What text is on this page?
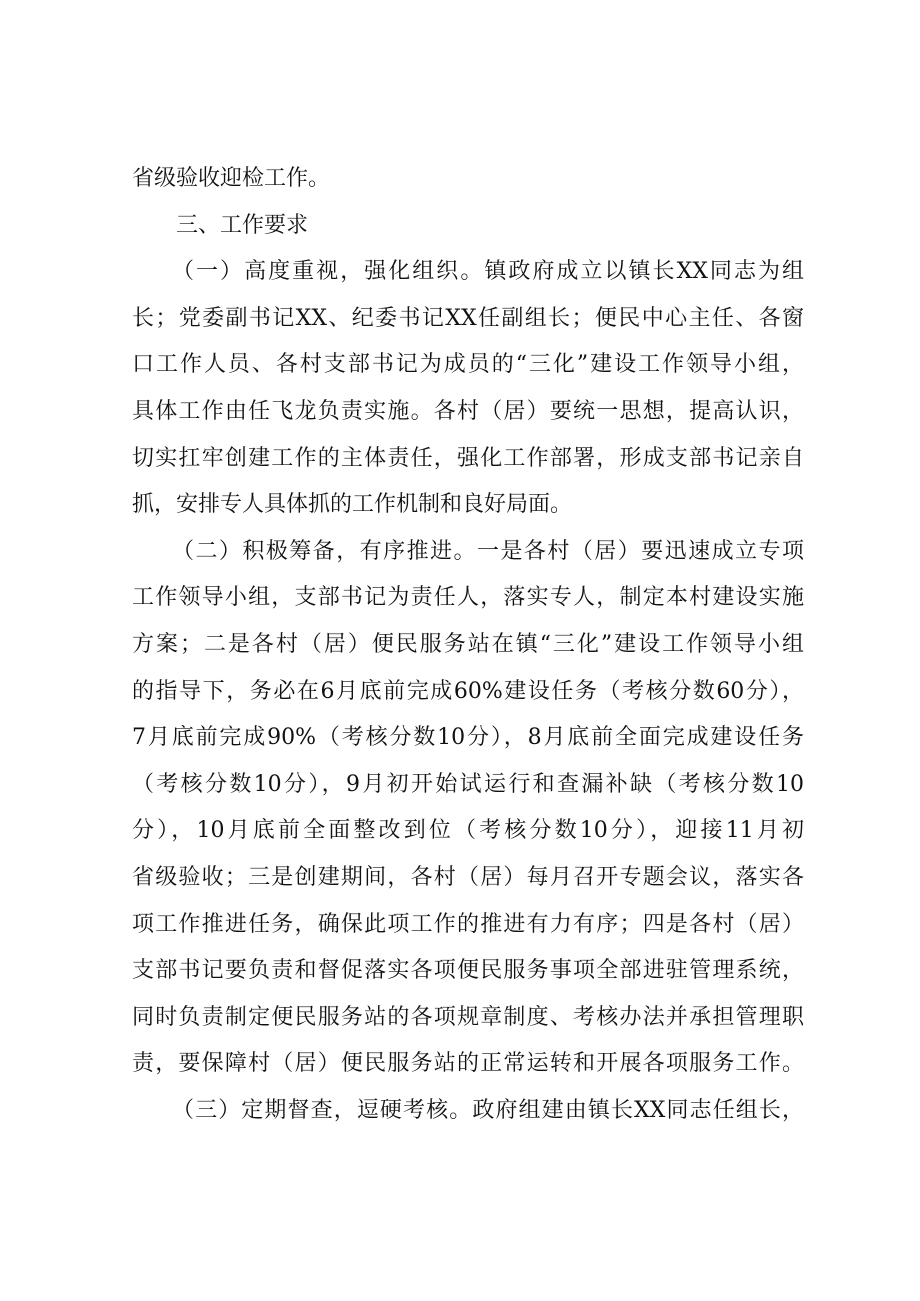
省级验收迎检工作。
三、工作要求
（一）高度重视，强化组织。镇政府成立以镇长XX同志为组
长；党委副书记XX、纪委书记XX任副组长；便民中心主任、各窗
口工作人员、各村支部书记为成员的“三化”建设工作领导小组，
具体工作由任飞龙负责实施。各村（居）要统一思想，提高认识，
切实扛牢创建工作的主体责任，强化工作部署，形成支部书记亲自
抓，安排专人具体抓的工作机制和良好局面。
（二）积极筹备，有序推进。一是各村（居）要迅速成立专项
工作领导小组，支部书记为责任人，落实专人，制定本村建设实施
方案；二是各村（居）便民服务站在镇“三化”建设工作领导小组
的指导下，务必在6月底前完成60%建设任务（考核分数60分），
7月底前完成90%（考核分数10分），8月底前全面完成建设任务
（考核分数10分），9月初开始试运行和查漏补缺（考核分数10
分），10月底前全面整改到位（考核分数10分），迎接11月初
省级验收；三是创建期间，各村（居）每月召开专题会议，落实各
项工作推进任务，确保此项工作的推进有力有序；四是各村（居）
支部书记要负责和督促落实各项便民服务事项全部进驻管理系统，
同时负责制定便民服务站的各项规章制度、考核办法并承担管理职
责，要保障村（居）便民服务站的正常运转和开展各项服务工作。
（三）定期督查，逗硬考核。政府组建由镇长XX同志任组长，
